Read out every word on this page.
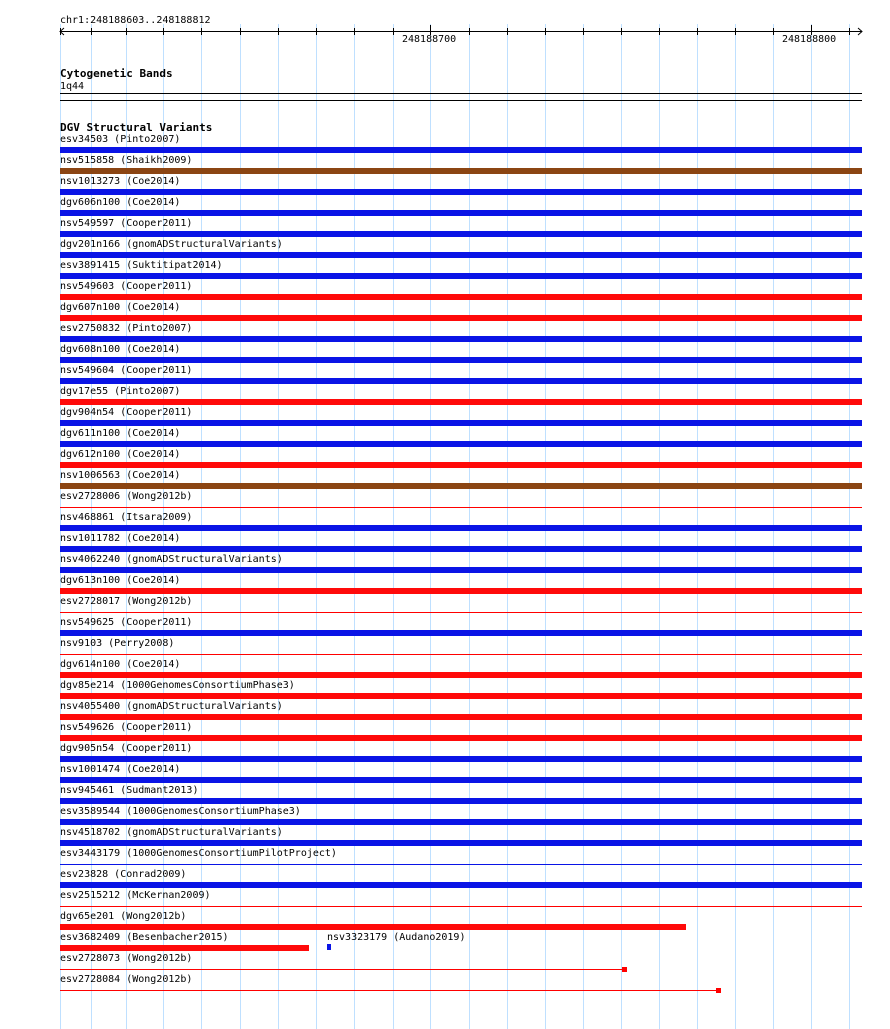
chr1:248188603..248188812
248188700	248188800
Cytogenetic Bands
1q44
DGV Structural Variants
esv34503 (Pinto2007)
nsv515858 (Shaikh2009)
nsv1013273 (Coe2014)
dgv606n100 (Coe2014)
nsv549597 (Cooper2011)
dgv201n166 (gnomADStructuralVariants)
esv3891415 (Suktitipat2014)
nsv549603 (Cooper2011)
dgv607n100 (Coe2014)
esv2750832 (Pinto2007)
dgv608n100 (Coe2014)
nsv549604 (Cooper2011)
dgv17e55 (Pinto2007)
dgv904n54 (Cooper2011)
dgv611n100 (Coe2014)
dgv612n100 (Coe2014)
nsv1006563 (Coe2014)
esv2728006 (Wong2012b)
nsv468861 (Itsara2009)
nsv1011782 (Coe2014)
nsv4062240 (gnomADStructuralVariants)
dgv613n100 (Coe2014)
esv2728017 (Wong2012b)
nsv549625 (Cooper2011)
nsv9103 (Perry2008)
dgv614n100 (Coe2014)
dgv85e214 (1000GenomesConsortiumPhase3)
nsv4055400 (gnomADStructuralVariants)
nsv549626 (Cooper2011)
dgv905n54 (Cooper2011)
nsv1001474 (Coe2014)
nsv945461 (Sudmant2013)
esv3589544 (1000GenomesConsortiumPhase3)
nsv4518702 (gnomADStructuralVariants)
esv3443179 (1000GenomesConsortiumPilotProject)
esv23828 (Conrad2009)
esv2515212 (McKernan2009)
dgv65e201 (Wong2012b)
esv3682409 (Besenbacher2015)
esv2728073 (Wong2012b)
esv2728084 (Wong2012b)
nsv3323179 (Audano2019)
